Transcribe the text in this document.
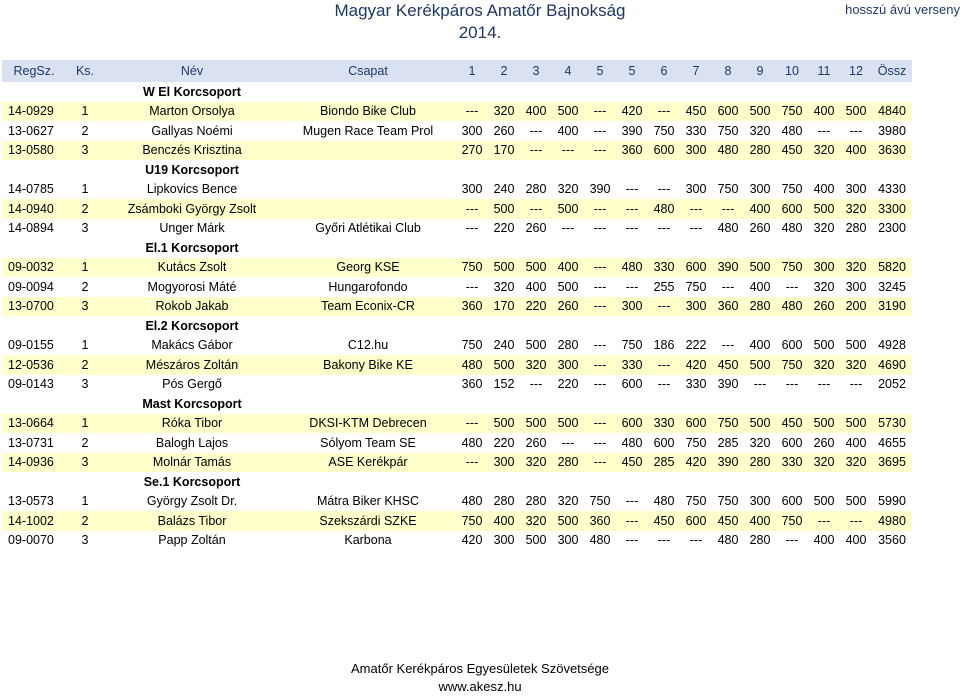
Magyar Kerékpáros Amatőr Bajnokság
2014.
hosszú ávú verseny
RegSz.	Ks.	Név	Csapat	1	2	3	4	5	5	6	7	8	9	10	11	12	Össz
		W El Korcsoport															
14-0929	1	Marton Orsolya	Biondo Bike Club	---	320	400	500	---	420	---	450	600	500	750	400	500	4840
13-0627	2	Gallyas Noémi	Mugen Race Team Prol	300	260	---	400	---	390	750	330	750	320	480	---	---	3980
13-0580	3	Benczés Krisztina		270	170	---	---	---	360	600	300	480	280	450	320	400	3630
		U19 Korcsoport															
14-0785	1	Lipkovics Bence		300	240	280	320	390	---	---	300	750	300	750	400	300	4330
14-0940	2	Zsámboki György Zsolt		---	500	---	500	---	---	480	---	---	400	600	500	320	3300
14-0894	3	Unger Márk	Győri Atlétikai Club	---	220	260	---	---	---	---	---	480	260	480	320	280	2300
		El.1 Korcsoport															
09-0032	1	Kutács Zsolt	Georg KSE	750	500	500	400	---	480	330	600	390	500	750	300	320	5820
09-0094	2	Mogyorosi Máté	Hungarofondo	---	320	400	500	---	---	255	750	---	400	---	320	300	3245
13-0700	3	Rokob Jakab	Team Econix-CR	360	170	220	260	---	300	---	300	360	280	480	260	200	3190
		El.2 Korcsoport															
09-0155	1	Makács Gábor	C12.hu	750	240	500	280	---	750	186	222	---	400	600	500	500	4928
12-0536	2	Mészáros Zoltán	Bakony Bike KE	480	500	320	300	---	330	---	420	450	500	750	320	320	4690
09-0143	3	Pós Gergő		360	152	---	220	---	600	---	330	390	---	---	---	---	2052
		Mast Korcsoport															
13-0664	1	Róka Tibor	DKSI-KTM Debrecen	---	500	500	500	---	600	330	600	750	500	450	500	500	5730
13-0731	2	Balogh Lajos	Sólyom Team SE	480	220	260	---	---	480	600	750	285	320	600	260	400	4655
14-0936	3	Molnár Tamás	ASE Kerékpár	---	300	320	280	---	450	285	420	390	280	330	320	320	3695
		Se.1 Korcsoport															
13-0573	1	György Zsolt Dr.	Mátra Biker KHSC	480	280	280	320	750	---	480	750	750	300	600	500	500	5990
14-1002	2	Balázs Tibor	Szekszárdi SZKE	750	400	320	500	360	---	450	600	450	400	750	---	---	4980
09-0070	3	Papp Zoltán	Karbona	420	300	500	300	480	---	---	---	480	280	---	400	400	3560
Amatőr Kerékpáros Egyesületek Szövetsége
www.akesz.hu
